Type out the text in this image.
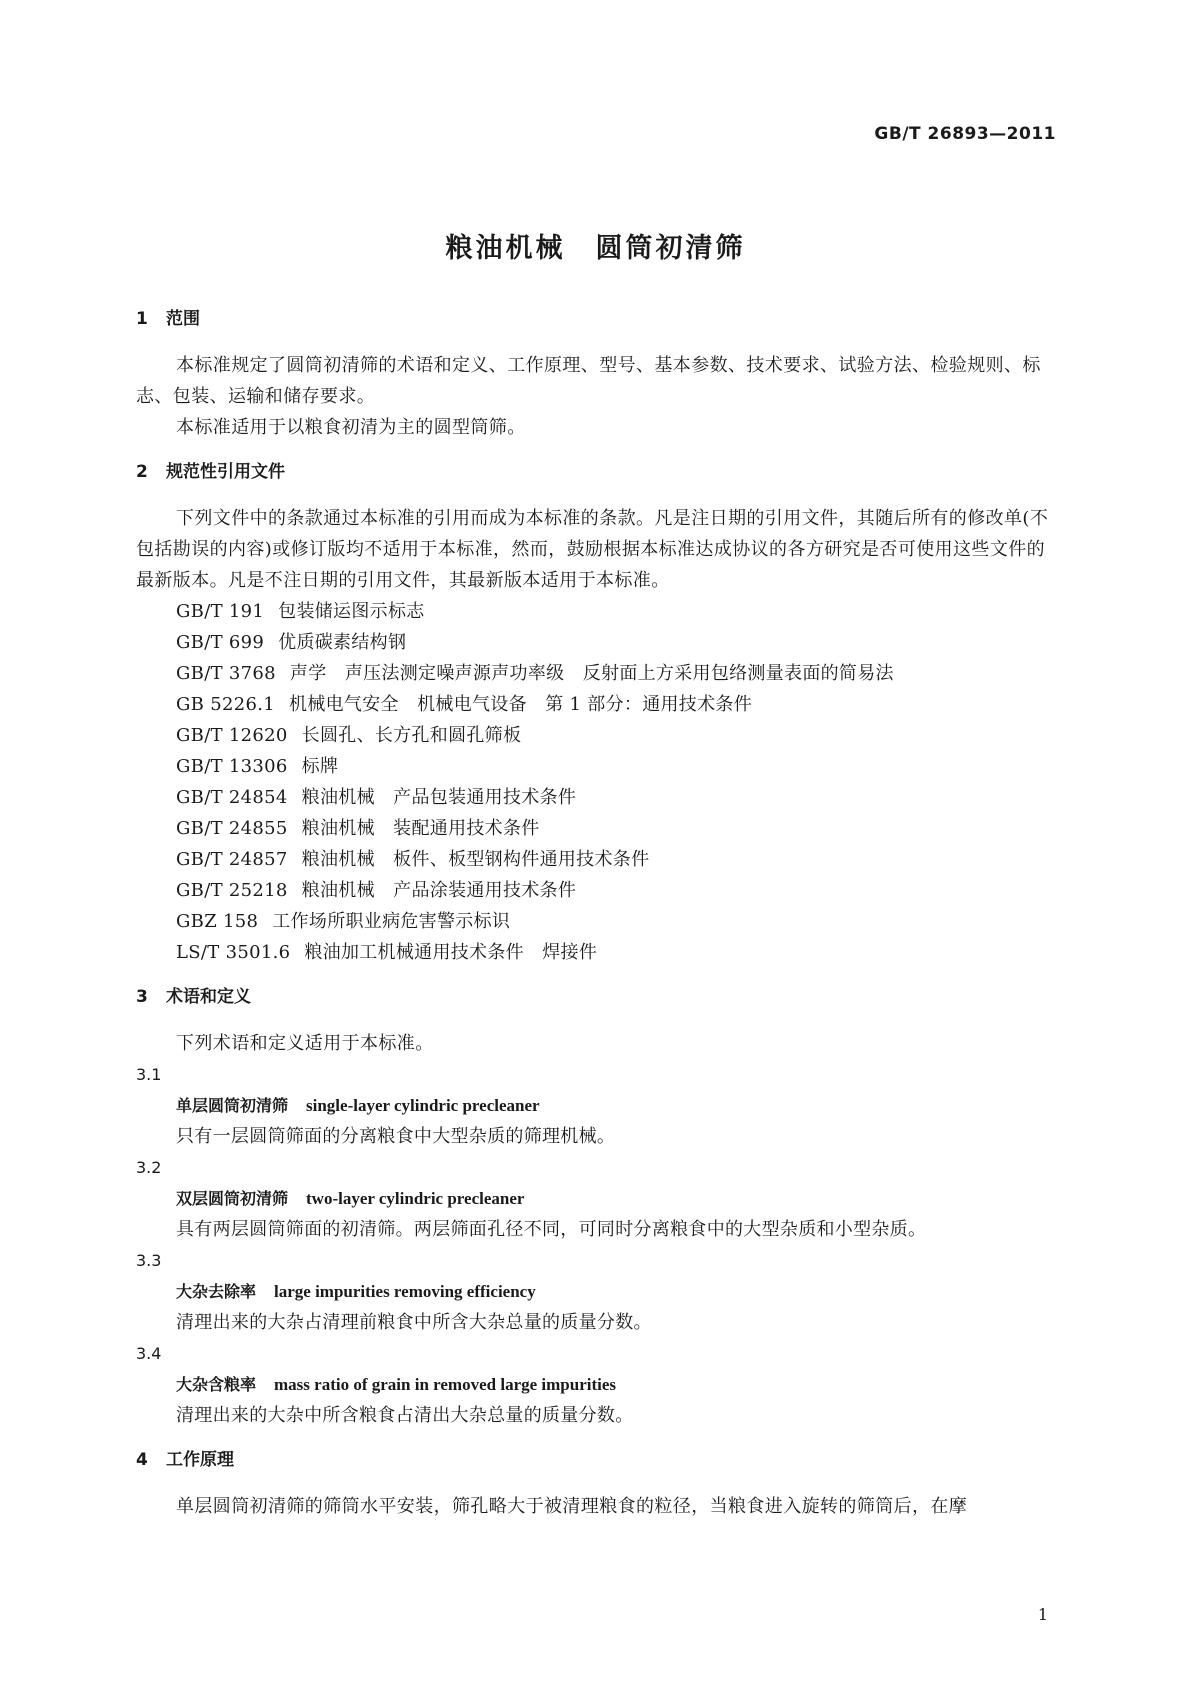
GB/T 26893—2011
粮油机械　圆筒初清筛
1 范围

本标准规定了圆筒初清筛的术语和定义、工作原理、型号、基本参数、技术要求、试验方法、检验规则、标志、包装、运输和储存要求。

本标准适用于以粮食初清为主的圆型筒筛。

2 规范性引用文件

下列文件中的条款通过本标准的引用而成为本标准的条款。凡是注日期的引用文件，其随后所有的修改单(不包括勘误的内容)或修订版均不适用于本标准，然而，鼓励根据本标准达成协议的各方研究是否可使用这些文件的最新版本。凡是不注日期的引用文件，其最新版本适用于本标准。

GB/T 191 包装储运图示标志
GB/T 699 优质碳素结构钢
GB/T 3768 声学　声压法测定噪声源声功率级　反射面上方采用包络测量表面的简易法
GB 5226.1 机械电气安全　机械电气设备　第 1 部分：通用技术条件
GB/T 12620 长圆孔、长方孔和圆孔筛板
GB/T 13306 标牌
GB/T 24854 粮油机械　产品包装通用技术条件
GB/T 24855 粮油机械　装配通用技术条件
GB/T 24857 粮油机械　板件、板型钢构件通用技术条件
GB/T 25218 粮油机械　产品涂装通用技术条件
GBZ 158 工作场所职业病危害警示标识
LS/T 3501.6 粮油加工机械通用技术条件　焊接件
3 术语和定义

下列术语和定义适用于本标准。

3.1
单层圆筒初清筛 single-layer cylindric precleaner
只有一层圆筒筛面的分离粮食中大型杂质的筛理机械。
3.2
双层圆筒初清筛 two-layer cylindric precleaner
具有两层圆筒筛面的初清筛。两层筛面孔径不同，可同时分离粮食中的大型杂质和小型杂质。
3.3
大杂去除率 large impurities removing efficiency
清理出来的大杂占清理前粮食中所含大杂总量的质量分数。
3.4
大杂含粮率 mass ratio of grain in removed large impurities
清理出来的大杂中所含粮食占清出大杂总量的质量分数。
4 工作原理

单层圆筒初清筛的筛筒水平安装，筛孔略大于被清理粮食的粒径，当粮食进入旋转的筛筒后，在摩

1
